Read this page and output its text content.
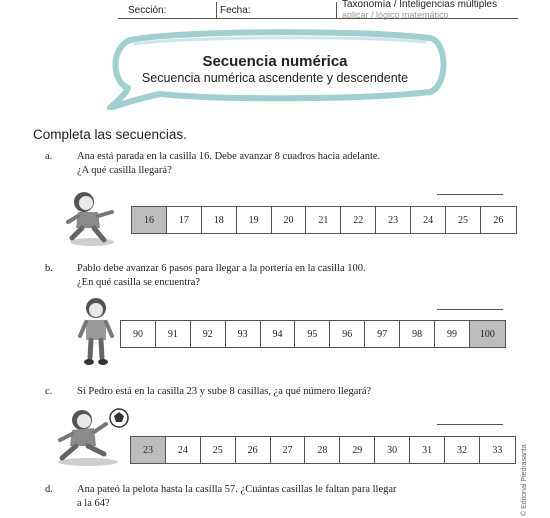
Sección:	Fecha:
Taxonomía / Inteligencias múltiples
aplicar / lógico matemático
Secuencia numérica
Secuencia numérica ascendente y descendente
Completa las secuencias.
a. Ana está parada en la casilla 16. Debe avanzar 8 cuadros hacia adelante.
¿A qué casilla llegará?
16	17	18	19	20	21	22	23	24	25	26
b. Pablo debe avanzar 6 pasos para llegar a la portería en la casilla 100.
¿En qué casilla se encuentra?
90	91	92	93	94	95	96	97	98	99	100
c. Si Pedro está en la casilla 23 y sube 8 casillas, ¿a qué número llegará?
23	24	25	26	27	28	29	30	31	32	33
d. Ana pateó la pelota hasta la casilla 57. ¿Cuántas casillas le faltan para llegar
a la 64?	© Editorial Piedrasanta
